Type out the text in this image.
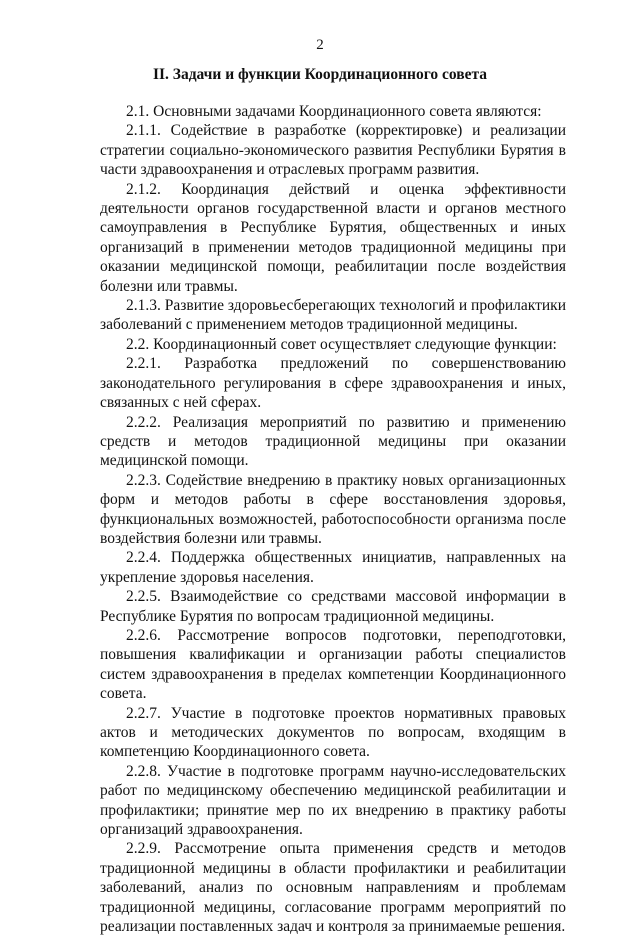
2
II. Задачи и функции Координационного совета

2.1. Основными задачами Координационного совета являются:

2.1.1. Содействие в разработке (корректировке) и реализации стратегии социально-экономического развития Республики Бурятия в части здравоохранения и отраслевых программ развития.

2.1.2. Координация действий и оценка эффективности деятельности органов государственной власти и органов местного самоуправления в Республике Бурятия, общественных и иных организаций в применении методов традиционной медицины при оказании медицинской помощи, реабилитации после воздействия болезни или травмы.

2.1.3. Развитие здоровьесберегающих технологий и профилактики заболеваний с применением методов традиционной медицины.

2.2. Координационный совет осуществляет следующие функции:

2.2.1. Разработка предложений по совершенствованию законодательного регулирования в сфере здравоохранения и иных, связанных с ней сферах.

2.2.2. Реализация мероприятий по развитию и применению средств и методов традиционной медицины при оказании медицинской помощи.

2.2.3. Содействие внедрению в практику новых организационных форм и методов работы в сфере восстановления здоровья, функциональных возможностей, работоспособности организма после воздействия болезни или травмы.

2.2.4. Поддержка общественных инициатив, направленных на укрепление здоровья населения.

2.2.5. Взаимодействие со средствами массовой информации в Республике Бурятия по вопросам традиционной медицины.

2.2.6. Рассмотрение вопросов подготовки, переподготовки, повышения квалификации и организации работы специалистов систем здравоохранения в пределах компетенции Координационного совета.

2.2.7. Участие в подготовке проектов нормативных правовых актов и методических документов по вопросам, входящим в компетенцию Координационного совета.

2.2.8. Участие в подготовке программ научно-исследовательских работ по медицинскому обеспечению медицинской реабилитации и профилактики; принятие мер по их внедрению в практику работы организаций здравоохранения.

2.2.9. Рассмотрение опыта применения средств и методов традиционной медицины в области профилактики и реабилитации заболеваний, анализ по основным направлениям и проблемам традиционной медицины, согласование программ мероприятий по реализации поставленных задач и контроля за принимаемые решения.
